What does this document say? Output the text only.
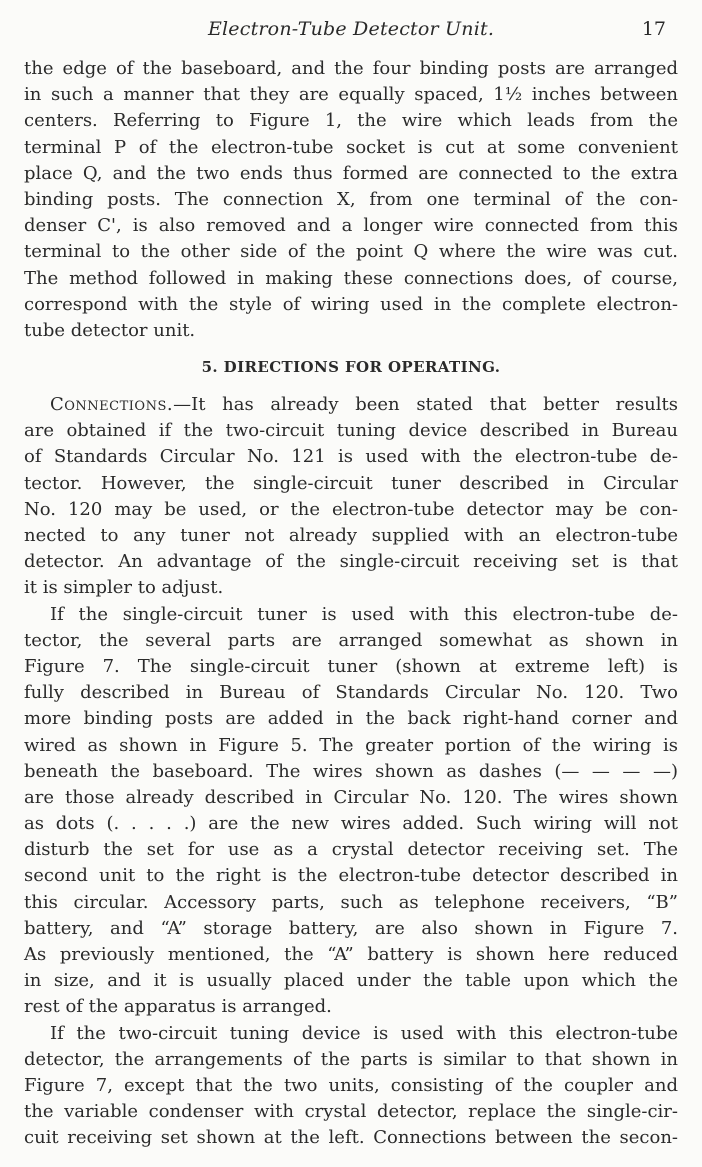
Electron-Tube Detector Unit.	17
the edge of the baseboard, and the four binding posts are arranged
in such a manner that they are equally spaced, 1½ inches between
centers. Referring to Figure 1, the wire which leads from the
terminal P of the electron-tube socket is cut at some convenient
place Q, and the two ends thus formed are connected to the extra
binding posts. The connection X, from one terminal of the con-
denser C', is also removed and a longer wire connected from this
terminal to the other side of the point Q where the wire was cut.
The method followed in making these connections does, of course,
correspond with the style of wiring used in the complete electron-
tube detector unit.
5. DIRECTIONS FOR OPERATING.
Connections.—It has already been stated that better results
are obtained if the two-circuit tuning device described in Bureau
of Standards Circular No. 121 is used with the electron-tube de-
tector. However, the single-circuit tuner described in Circular
No. 120 may be used, or the electron-tube detector may be con-
nected to any tuner not already supplied with an electron-tube
detector. An advantage of the single-circuit receiving set is that
it is simpler to adjust.
If the single-circuit tuner is used with this electron-tube de-
tector, the several parts are arranged somewhat as shown in
Figure 7. The single-circuit tuner (shown at extreme left) is
fully described in Bureau of Standards Circular No. 120. Two
more binding posts are added in the back right-hand corner and
wired as shown in Figure 5. The greater portion of the wiring is
beneath the baseboard. The wires shown as dashes (— — — —)
are those already described in Circular No. 120. The wires shown
as dots (. . . . .) are the new wires added. Such wiring will not
disturb the set for use as a crystal detector receiving set. The
second unit to the right is the electron-tube detector described in
this circular. Accessory parts, such as telephone receivers, “B”
battery, and “A” storage battery, are also shown in Figure 7.
As previously mentioned, the “A” battery is shown here reduced
in size, and it is usually placed under the table upon which the
rest of the apparatus is arranged.
If the two-circuit tuning device is used with this electron-tube
detector, the arrangements of the parts is similar to that shown in
Figure 7, except that the two units, consisting of the coupler and
the variable condenser with crystal detector, replace the single-cir-
cuit receiving set shown at the left. Connections between the secon-
